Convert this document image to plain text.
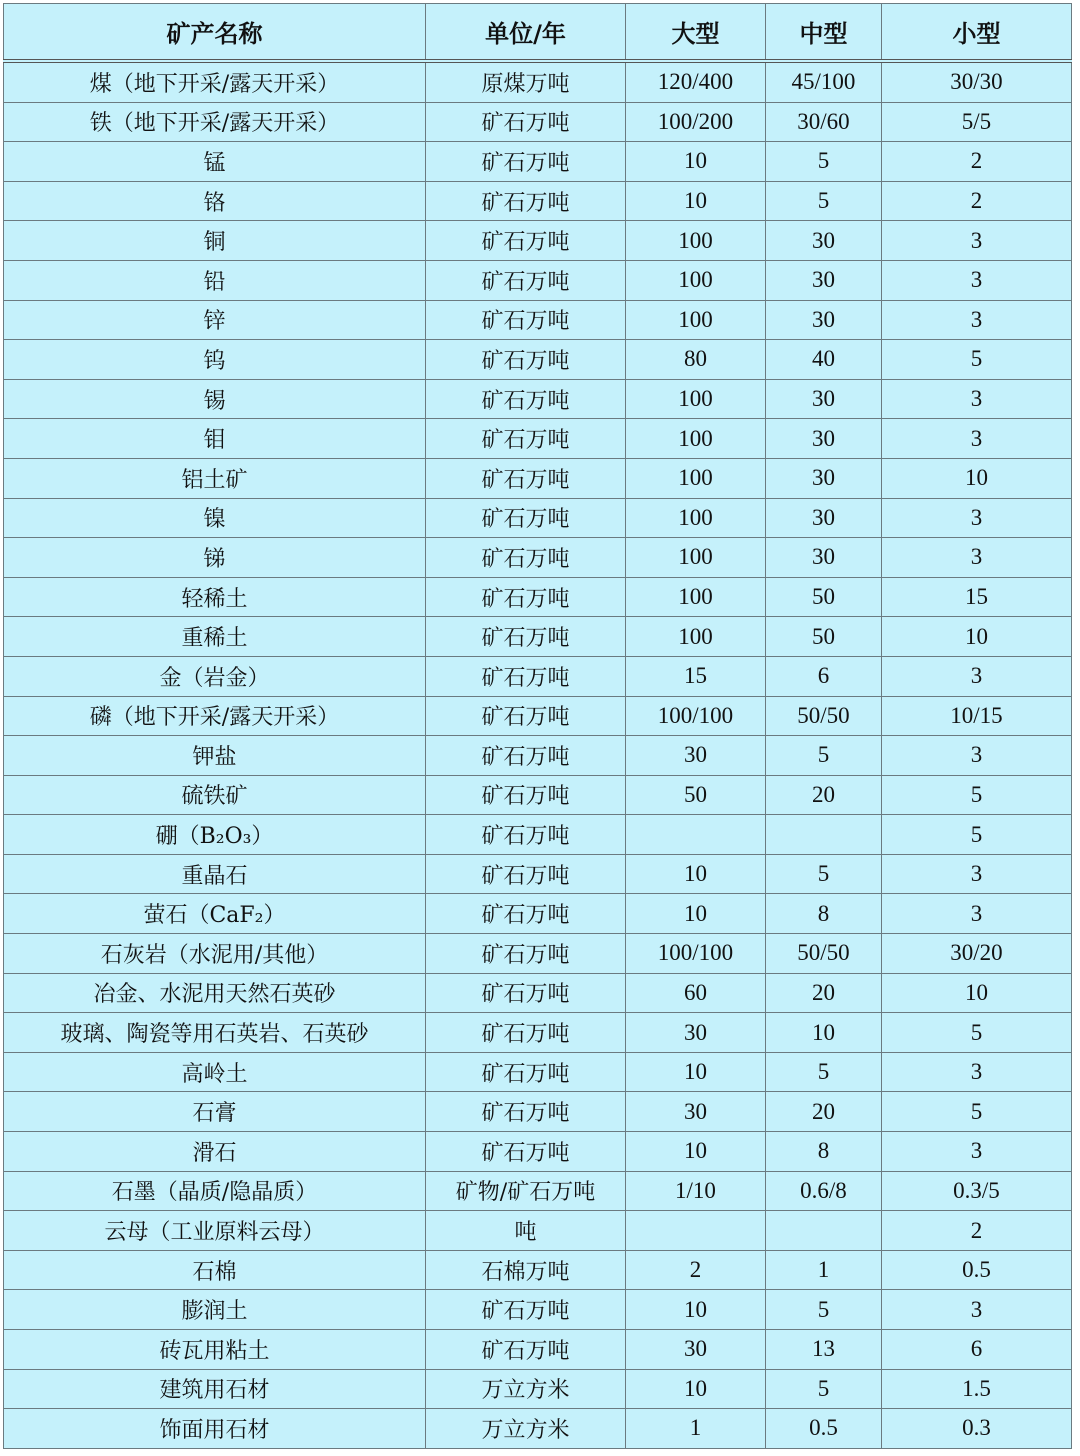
矿产名称	单位/年	大型	中型	小型
煤（地下开采/露天开采）	原煤万吨	120/400	45/100	30/30
铁（地下开采/露天开采）	矿石万吨	100/200	30/60	5/5
锰	矿石万吨	10	5	2
铬	矿石万吨	10	5	2
铜	矿石万吨	100	30	3
铅	矿石万吨	100	30	3
锌	矿石万吨	100	30	3
钨	矿石万吨	80	40	5
锡	矿石万吨	100	30	3
钼	矿石万吨	100	30	3
铝土矿	矿石万吨	100	30	10
镍	矿石万吨	100	30	3
锑	矿石万吨	100	30	3
轻稀土	矿石万吨	100	50	15
重稀土	矿石万吨	100	50	10
金（岩金）	矿石万吨	15	6	3
磷（地下开采/露天开采）	矿石万吨	100/100	50/50	10/15
钾盐	矿石万吨	30	5	3
硫铁矿	矿石万吨	50	20	5
硼（B₂O₃）	矿石万吨			5
重晶石	矿石万吨	10	5	3
萤石（CaF₂）	矿石万吨	10	8	3
石灰岩（水泥用/其他）	矿石万吨	100/100	50/50	30/20
冶金、水泥用天然石英砂	矿石万吨	60	20	10
玻璃、陶瓷等用石英岩、石英砂	矿石万吨	30	10	5
高岭土	矿石万吨	10	5	3
石膏	矿石万吨	30	20	5
滑石	矿石万吨	10	8	3
石墨（晶质/隐晶质）	矿物/矿石万吨	1/10	0.6/8	0.3/5
云母（工业原料云母）	吨			2
石棉	石棉万吨	2	1	0.5
膨润土	矿石万吨	10	5	3
砖瓦用粘土	矿石万吨	30	13	6
建筑用石材	万立方米	10	5	1.5
饰面用石材	万立方米	1	0.5	0.3
